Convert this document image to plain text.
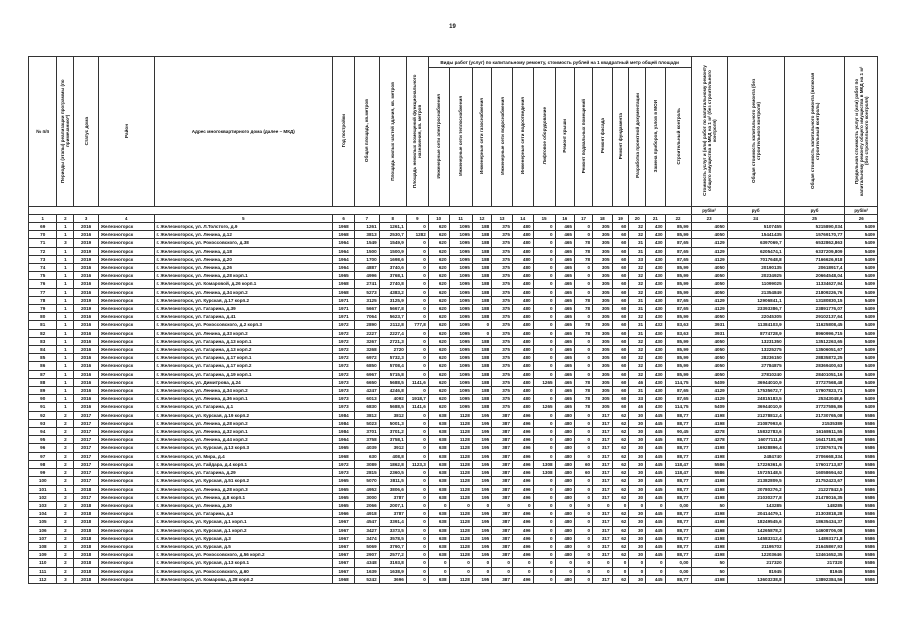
19
№ п/п	Периоды (этапы) реализации программы (по примечанию*)	Статус дома	Район	Адрес многоквартирного дома (далее – МКД)	Год постройки	Общая площадь, кв.метров	Площадь жилых частей здания, кв. метров	Площадь нежилых помещений функционального назначения, кв. метров	Виды работ (услуг) по капитальному ремонту, стоимость рублей на 1 квадратный метр общей площади													Стоимость услуг и (или) работ по капитальному ремонту общего имущества в МКД на 1 м² (без строительного контроля)	Общая стоимость капитального ремонта (без строительного контроля)	Общая стоимость капитального ремонта (включая строительный контроль)	Предельная стоимость услуг и (или) работ по капитальному ремонту общего имущества в МКД на 1 м² (без строительного контроля)
									Инженерные сети электроснабжения	Инженерные сети теплоснабжения	Инженерные сети газоснабжения	Инженерные сети водоснабжения	Инженерные сети водоотведения	Лифтовое оборудование	Ремонт крыши	Ремонт подвальных помещений	Ремонт фасада	Ремонт фундамента	Разработка проектной документации	Замена приборов, узлов в МОИ	Строительный контроль				
																						руб/м²	руб	руб	руб/м²
1	2	3	4	5	6	7	8	9	10	11	12	13	14	15	16	17	18	19	20	21	22	23	24	25	26
69	1	2016	Железногорск	г. Железногорск, ул. Л.Толстого, д.9	1968	1261	1261,1	0	620	1095	188	375	480	0	465	0	305	60	32	430	85,99	4050	5107455	5215890,034	5409
70	1	2016	Железногорск	г. Железногорск, ул. Ленина, д.12	1968	3813	2530,7	1282	620	1095	188	375	480	0	465	0	305	60	32	430	85,99	4050	15441435	15769170,77	5409
71	3	2019	Железногорск	г. Железногорск, ул. Рокоссовского, д.38	1964	1549	1549,9	0	620	1095	188	375	480	0	465	78	305	60	31	430	87,65	4129	6397069,7	6532862,863	5409
72	1	2019	Железногорск	г. Железногорск, ул. Ленина, д.18	1964	1500	1500,9	0	620	1095	188	375	480	0	465	78	305	60	31	430	87,65	4129	6205474,1	6337209,809	5409
73	1	2019	Железногорск	г. Железногорск, ул. Ленина, д.20	1964	1700	1698,6	0	620	1095	188	375	480	0	465	78	305	60	33	430	87,65	4129	7017648,8	7166626,918	5409
74	1	2016	Железногорск	г. Железногорск, ул. Ленина, д.26	1964	4887	3740,6	0	620	1095	188	375	480	0	465	0	305	60	32	430	85,99	4050	20190135	20618917,4	5409
75	1	2016	Железногорск	г. Железногорск, ул. Ленина, д.28 корп.1	1965	4996	3768,1	0	620	1095	188	375	480	0	465	0	305	60	32	430	85,99	4050	20234925	20664548,04	5409
76	1	2016	Железногорск	г. Железногорск, ул. Комаровой, д.26 корп.1	1968	2741	2740,8	0	620	1095	188	375	480	0	465	0	305	60	32	430	85,99	4050	11099025	11334627,94	5409
77	1	2016	Железногорск	г. Железногорск, ул. Ленина, д.34 корп.2	1968	5273	4383,2	0	620	1095	188	375	480	0	465	0	305	60	32	430	85,99	4050	21354849	21809226,76	5409
78	1	2019	Железногорск	г. Железногорск, ул. Курская, д.17 корп.2	1971	3125	3125,9	0	620	1095	188	375	480	0	465	78	305	60	31	430	87,65	4129	12906841,1	13180830,15	5409
79	1	2019	Железногорск	г. Железногорск, ул. Гагарина, д.39	1971	5667	5667,8	0	620	1095	188	375	480	0	465	78	305	60	31	430	87,65	4129	23393386,7	23891776,07	5409
80	1	2016	Железногорск	г. Железногорск, ул. Гагарина, д.41	1971	7064	5623,7	0	620	1095	188	375	480	0	465	0	305	60	32	430	85,99	4050	22045305	29102137,64	5409
81	1	2016	Железногорск	г. Железногорск, ул. Рокоссовского, д.2 корп.3	1972	2890	2112,8	777,8	620	1095	0	375	480	0	465	78	305	60	31	432	83,63	3931	11384103,9	11625808,45	5409
82	1	2016	Железногорск	г. Железногорск, ул. Ленина, д.33 корп.2	1972	2227	2227,4	0	620	1095	0	375	480	0	465	78	305	60	31	430	83,63	3931	8774728,9	8960996,715	5409
83	1	2016	Железногорск	г. Железногорск, ул. Гагарина, д.13 корп.1	1972	3267	2721,3	0	620	1095	188	375	480	0	465	0	305	60	32	430	85,99	4050	13231350	13512263,65	5409
84	1	2016	Железногорск	г. Железногорск, ул. Гагарина, д.13 корп.2	1972	3268	2720	0	620	1095	188	375	480	0	465	0	305	60	32	430	85,99	4050	13225275	13506051,67	5409
85	1	2016	Железногорск	г. Железногорск, ул. Гагарина, д.17 корп.1	1972	6972	5732,3	0	620	1095	188	375	480	0	465	0	305	60	32	430	85,99	4050	28236150	28835872,25	5409
86	1	2016	Железногорск	г. Железногорск, ул. Гагарина, д.17 корп.2	1972	6850	5708,4	0	620	1095	188	375	480	0	465	0	305	60	32	430	85,99	4050	27784875	28369400,63	5409
87	1	2016	Железногорск	г. Железногорск, ул. Гагарина, д.19 корп.1	1972	6967	5715,8	0	620	1095	188	375	480	0	465	0	305	60	32	430	85,99	4050	27810240	28401051,16	5409
88	1	2016	Железногорск	г. Железногорск, ул. Димитрова, д.24	1973	6650	5688,5	1141,6	620	1095	188	375	480	1265	465	78	305	60	46	430	114,75	5409	36944010,9	37727568,48	5409
89	1	2016	Железногорск	г. Железногорск, ул. Ленина, д.34 корп.2	1973	4247	4246,8	0	620	1095	188	375	480	0	465	78	305	60	31	430	87,65	4129	17535672,7	17907823,71	5409
90	1	2016	Железногорск	г. Железногорск, ул. Ленина, д.36 корп.1	1973	6013	4092	1918,7	620	1095	188	375	480	0	465	78	305	60	33	430	87,65	4129	24815183,5	25343048,6	5409
91	1	2016	Железногорск	г. Железногорск, ул. Гагарина, д.1	1973	6830	5688,5	1141,6	620	1095	188	375	480	1265	465	78	305	60	46	430	114,75	5409	36944010,9	37727586,86	5409
92	2	2017	Железногорск	г. Железногорск, ул. Курская, д.19 корп.2	1984	3812	3812	0	638	1128	195	387	496	0	480	0	317	62	30	445	88,77	4198	21278812,4	21730765,08	5586
93	2	2017	Железногорск	г. Железногорск, ул. Ленина, д.28 корп.2	1984	5023	5001,3	0	638	1128	195	387	496	0	480	0	317	62	30	445	88,77	4198	21087993,6	21535389	5586
94	2	2017	Железногорск	г. Железногорск, ул. Ленина, д.32 корп.1	1984	3701	3701,2	0	638	1128	195	387	496	0	480	0	317	62	30	445	90,45	4278	15832783,6	16168611,55	5586
95	2	2017	Железногорск	г. Железногорск, ул. Ленина, д.44 корп.2	1964	3758	3758,1	0	638	1128	195	387	496	0	480	0	317	62	30	445	88,77	4278	16077111,8	16417181,98	5586
96	2	2017	Железногорск	г. Железногорск, ул. Курская, д.13 корп.3	1965	4039	3912	0	638	1128	195	387	496	0	480	0	317	62	30	445	88,77	4198	16928896,4	17287674,76	5586
97	2	2017	Железногорск	г. Железногорск, ул. Мира, д.4	1968	630	408,8	0	638	1128	195	387	496	0	480	0	317	62	30	445	88,77	4198	2484740	2706668,334	5586
98	2	2017	Железногорск	г. Железногорск, ул. Гайдара, д.4 корп.1	1972	3089	1862,8	1123,3	638	1128	195	387	496	1308	480	60	317	62	30	445	118,47	5586	17226361,6	17601713,87	5586
99	2	2017	Железногорск	г. Железногорск, ул. Гагарина, д.29	1973	2815	2360,5	0	638	1128	195	387	496	1308	480	60	317	62	30	445	118,47	5586	15725148,5	16058694,62	5586
100	2	2017	Железногорск	г. Железногорск, ул. Курская, д.51 корп.2	1965	5070	3811,5	0	638	1128	195	387	496	0	480	0	317	62	30	445	88,77	4198	21382809,5	21752423,67	5586
101	1	2018	Железногорск	г. Железногорск, ул. Ленина, д.28 корп.3	1965	4952	3806,6	0	638	1128	195	387	496	0	480	0	317	62	30	445	88,77	4198	20780276,2	21227842,5	5586
102	2	2017	Железногорск	г. Железногорск, ул. Ленина, д.8 корп.1	1965	3000	3787	0	638	1128	195	387	496	0	480	0	317	62	30	445	88,77	4198	21030277,8	21478016,35	5586
103	2	2018	Железногорск	г. Железногорск, ул. Ленина, д.30	1965	2066	2007,1	0	0	0	0	0	0	0	0	0	0	0	0	0	0,00	50	143285	148285	5586
104	2	2018	Железногорск	г. Железногорск, ул. Гагарина, д.3	1966	4918	3787	0	638	1128	195	387	496	0	480	0	317	62	30	445	88,77	4198	20414479,1	21303818,28	5586
105	2	2018	Железногорск	г. Железногорск, ул. Курская, д.1 корп.1	1967	4547	3391,4	0	638	1128	195	387	496	0	480	0	317	62	30	445	88,77	4198	18249545,6	18635434,37	5586
106	2	2018	Железногорск	г. Железногорск, ул. Курская, д.1 корп.2	1967	3427	3373,5	0	638	1128	195	387	496	0	480	0	317	62	30	445	88,77	4198	14265878,2	14608706,08	5586
107	2	2018	Железногорск	г. Железногорск, ул. Курская, д.3	1967	3474	3578,5	0	638	1128	195	387	496	0	480	0	317	62	30	445	88,77	4198	14583312,4	14893171,8	5586
108	2	2018	Железногорск	г. Железногорск, ул. Курская, д.5	1967	5069	3790,7	0	638	1128	195	387	496	0	480	0	317	62	30	445	88,77	4198	21195702	21645867,93	5586
109	2	2018	Железногорск	г. Железногорск, ул. Рокоссовского, д.56 корп.2	1967	2907	2577,2	0	638	1128	195	387	496	0	480	0	317	62	30	445	88,77	4198	12203646	12461652,35	5586
110	2	2018	Железногорск	г. Железногорск, ул. Курская, д.13 корп.1	1967	4348	3193,8	0	0	0	0	0	0	0	0	0	0	0	0	0	0,00	50	217320	217320	5586
111	2	2018	Железногорск	г. Железногорск, ул. Рокоссовского, д.60	1967	1639	1638,9	0	0	0	0	0	0	0	0	0	0	0	0	0	0,00	50	81945	81945	5586
112	3	2018	Железногорск	г. Железногорск, ул. Комарова, д.28 корп.2	1968	5242	3696	0	638	1128	195	387	496	0	480	0	317	62	30	445	88,77	4198	13603238,8	13892384,56	5586
